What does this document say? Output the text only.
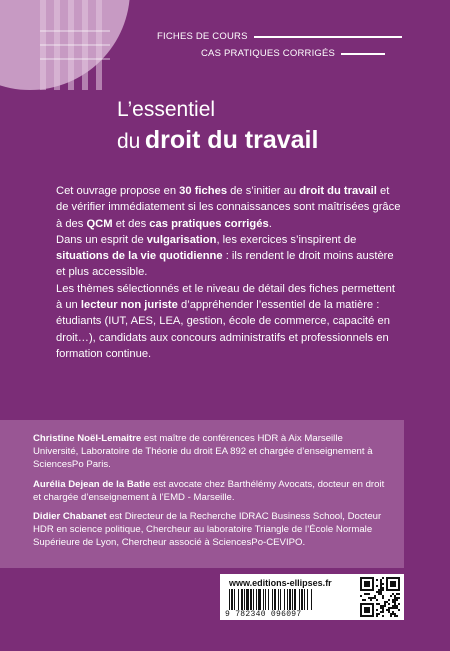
FICHES DE COURS
CAS PRATIQUES CORRIGÉS
L’essentiel
du droit du travail

Cet ouvrage propose en 30 fiches de s’initier au droit du travail et de vérifier immédiatement si les connaissances sont maîtrisées grâce à des QCM et des cas pratiques corrigés.

Dans un esprit de vulgarisation, les exercices s’inspirent de situations de la vie quotidienne : ils rendent le droit moins austère et plus accessible.

Les thèmes sélectionnés et le niveau de détail des fiches permettent à un lecteur non juriste d’appréhender l’essentiel de la matière : étudiants (IUT, AES, LEA, gestion, école de commerce, capacité en droit…), candidats aux concours administratifs et professionnels en formation continue.

Christine Noël-Lemaitre est maître de conférences HDR à Aix Marseille Université, Laboratoire de Théorie du droit EA 892 et chargée d’enseignement à SciencesPo Paris.

Aurélia Dejean de la Batie est avocate chez Barthélémy Avocats, docteur en droit et chargée d’enseignement à l’EMD - Marseille.

Didier Chabanet est Directeur de la Recherche IDRAC Business School, Docteur HDR en science politique, Chercheur au laboratoire Triangle de l’École Normale Supérieure de Lyon, Chercheur associé à SciencesPo-CEVIPO.

www.editions-ellipses.fr
9 782340 096097
